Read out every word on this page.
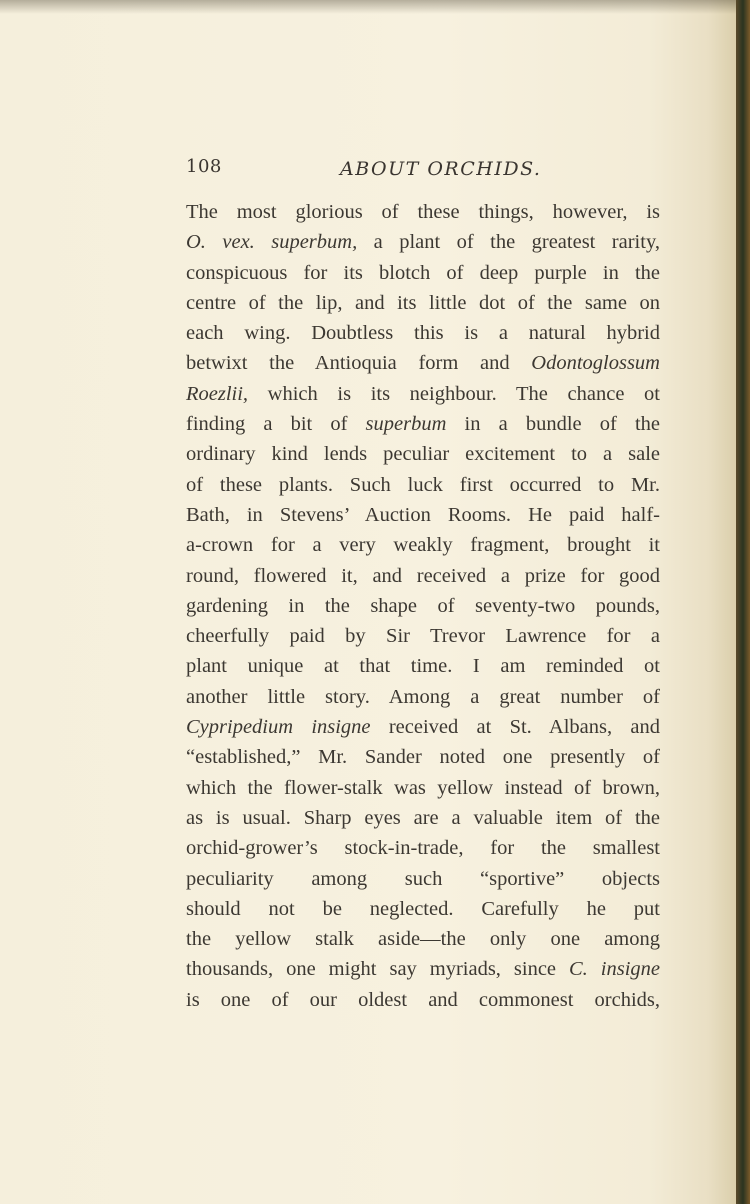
108	ABOUT ORCHIDS.
The most glorious of these things, however, is
O. vex. superbum, a plant of the greatest rarity,
conspicuous for its blotch of deep purple in the
centre of the lip, and its little dot of the same on
each wing. Doubtless this is a natural hybrid
betwixt the Antioquia form and Odontoglossum
Roezlii, which is its neighbour. The chance ot
finding a bit of superbum in a bundle of the
ordinary kind lends peculiar excitement to a sale
of these plants. Such luck first occurred to Mr.
Bath, in Stevens’ Auction Rooms. He paid half-
a-crown for a very weakly fragment, brought it
round, flowered it, and received a prize for good
gardening in the shape of seventy-two pounds,
cheerfully paid by Sir Trevor Lawrence for a
plant unique at that time. I am reminded ot
another little story. Among a great number of
Cypripedium insigne received at St. Albans, and
“established,” Mr. Sander noted one presently of
which the flower-stalk was yellow instead of brown,
as is usual. Sharp eyes are a valuable item of the
orchid-grower’s stock-in-trade, for the smallest
peculiarity among such “sportive” objects
should not be neglected. Carefully he put
the yellow stalk aside—the only one among
thousands, one might say myriads, since C. insigne
is one of our oldest and commonest orchids,
